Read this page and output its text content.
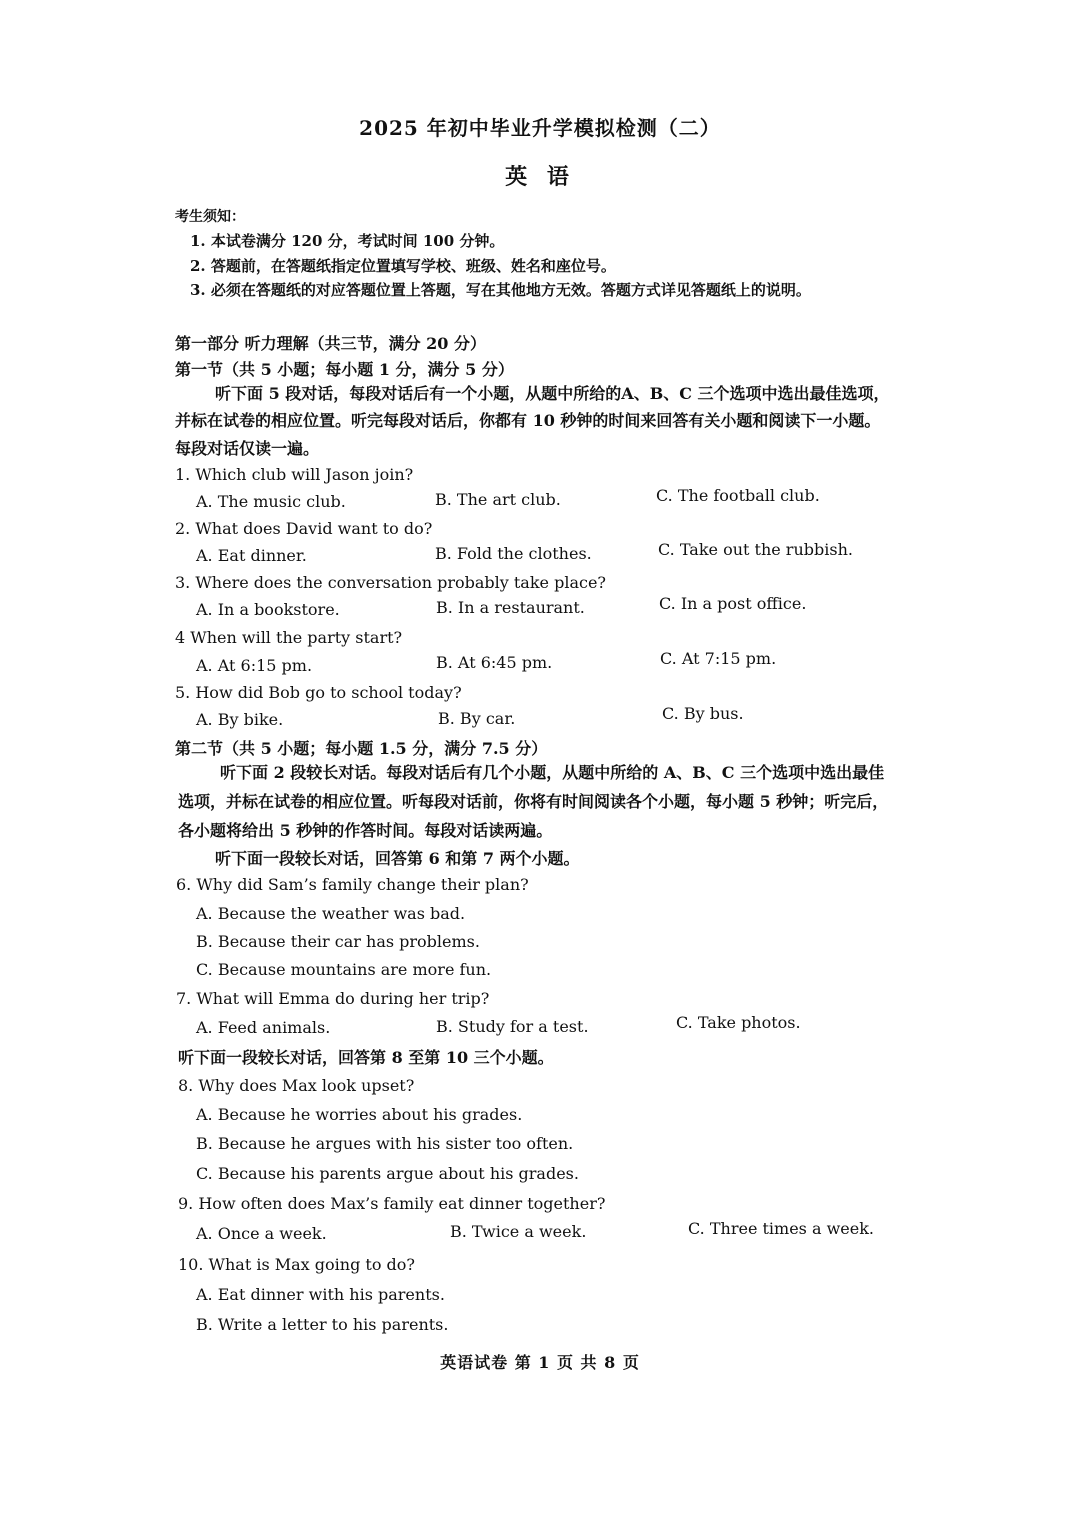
2025 年初中毕业升学模拟检测（二）
英 语
考生须知：
1. 本试卷满分 120 分，考试时间 100 分钟。
2. 答题前，在答题纸指定位置填写学校、班级、姓名和座位号。
3. 必须在答题纸的对应答题位置上答题，写在其他地方无效。答题方式详见答题纸上的说明。
第一部分 听力理解（共三节，满分 20 分）
第一节（共 5 小题；每小题 1 分，满分 5 分）
听下面 5 段对话，每段对话后有一个小题，从题中所给的A、B、C 三个选项中选出最佳选项，
并标在试卷的相应位置。听完每段对话后，你都有 10 秒钟的时间来回答有关小题和阅读下一小题。
每段对话仅读一遍。
1. Which club will Jason join?
A. The music club.	B. The art club.	C. The football club.
2. What does David want to do?
A. Eat dinner.	B. Fold the clothes.	C. Take out the rubbish.
3. Where does the conversation probably take place?
A. In a bookstore.	B. In a restaurant.	C. In a post office.
4 When will the party start?
A. At 6:15 pm.	B. At 6:45 pm.	C. At 7:15 pm.
5. How did Bob go to school today?
A. By bike.	B. By car.	C. By bus.
第二节（共 5 小题；每小题 1.5 分，满分 7.5 分）
听下面 2 段较长对话。每段对话后有几个小题，从题中所给的 A、B、C 三个选项中选出最佳
选项，并标在试卷的相应位置。听每段对话前，你将有时间阅读各个小题，每小题 5 秒钟；听完后，
各小题将给出 5 秒钟的作答时间。每段对话读两遍。
听下面一段较长对话，回答第 6 和第 7 两个小题。
6. Why did Sam’s family change their plan?
A. Because the weather was bad.
B. Because their car has problems.
C. Because mountains are more fun.
7. What will Emma do during her trip?
A. Feed animals.	B. Study for a test.	C. Take photos.
听下面一段较长对话，回答第 8 至第 10 三个小题。
8. Why does Max look upset?
A. Because he worries about his grades.
B. Because he argues with his sister too often.
C. Because his parents argue about his grades.
9. How often does Max’s family eat dinner together?
A. Once a week.	B. Twice a week.	C. Three times a week.
10. What is Max going to do?
A. Eat dinner with his parents.
B. Write a letter to his parents.
英语试卷 第 1 页 共 8 页
